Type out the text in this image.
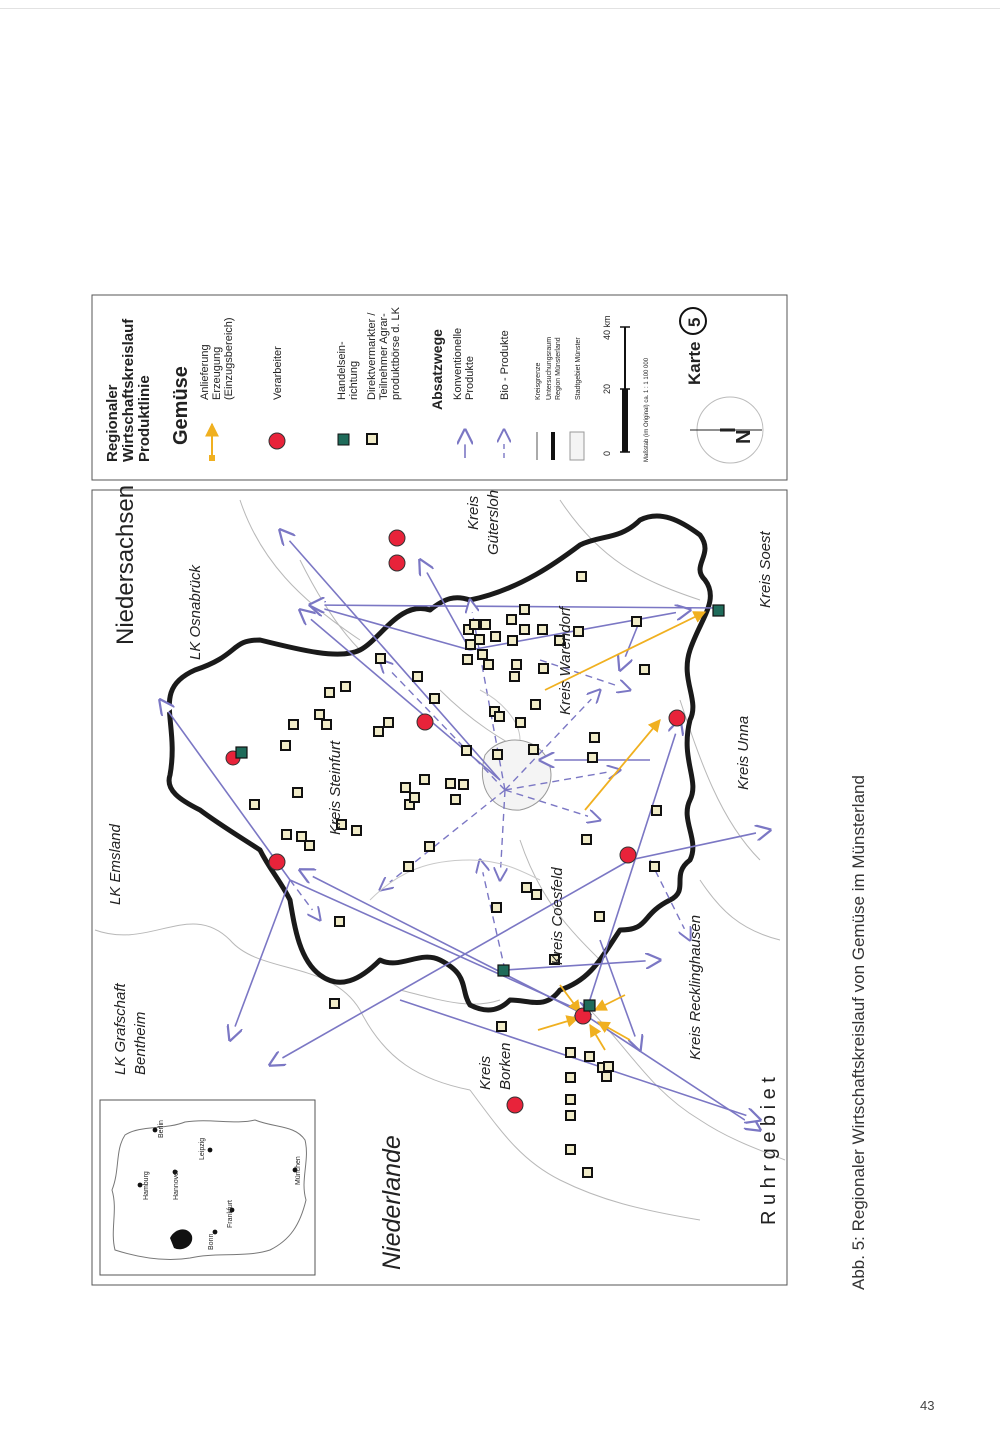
Niedersachsen	LK Osnabrück
LK Emsland
LK Grafschaft Bentheim
Niederlande
Kreis Borken
Kreis Coesfeld
Kreis Steinfurt
Kreis Warendorf
Kreis Gütersloh
Kreis Soest
Kreis Unna
Kreis Recklinghausen
R u h r g e b i e t
Hamburg	Hannover
Berlin
Leipzig
Bonn
Frankfurt
München
Regionaler Wirtschaftskreislauf Produktlinie Gemüse Anlieferung Erzeugung (Einzugsbereich)	Verarbeiter	Handelsein- richtung Direktvermarkter / Teilnehmer Agrar- produktbörse d. LK Absatzwege Konventionelle Produkte Bio - Produkte	Kreisgrenze Untersuchungsraum Region Münsterland Stadtgebiet Münster
0
20
40 km
Maßstab (im Original) ca. 1 : 1 100 000	N
Karte
5
Abb. 5: Regionaler Wirtschaftskreislauf von Gemüse im Münsterland
43
